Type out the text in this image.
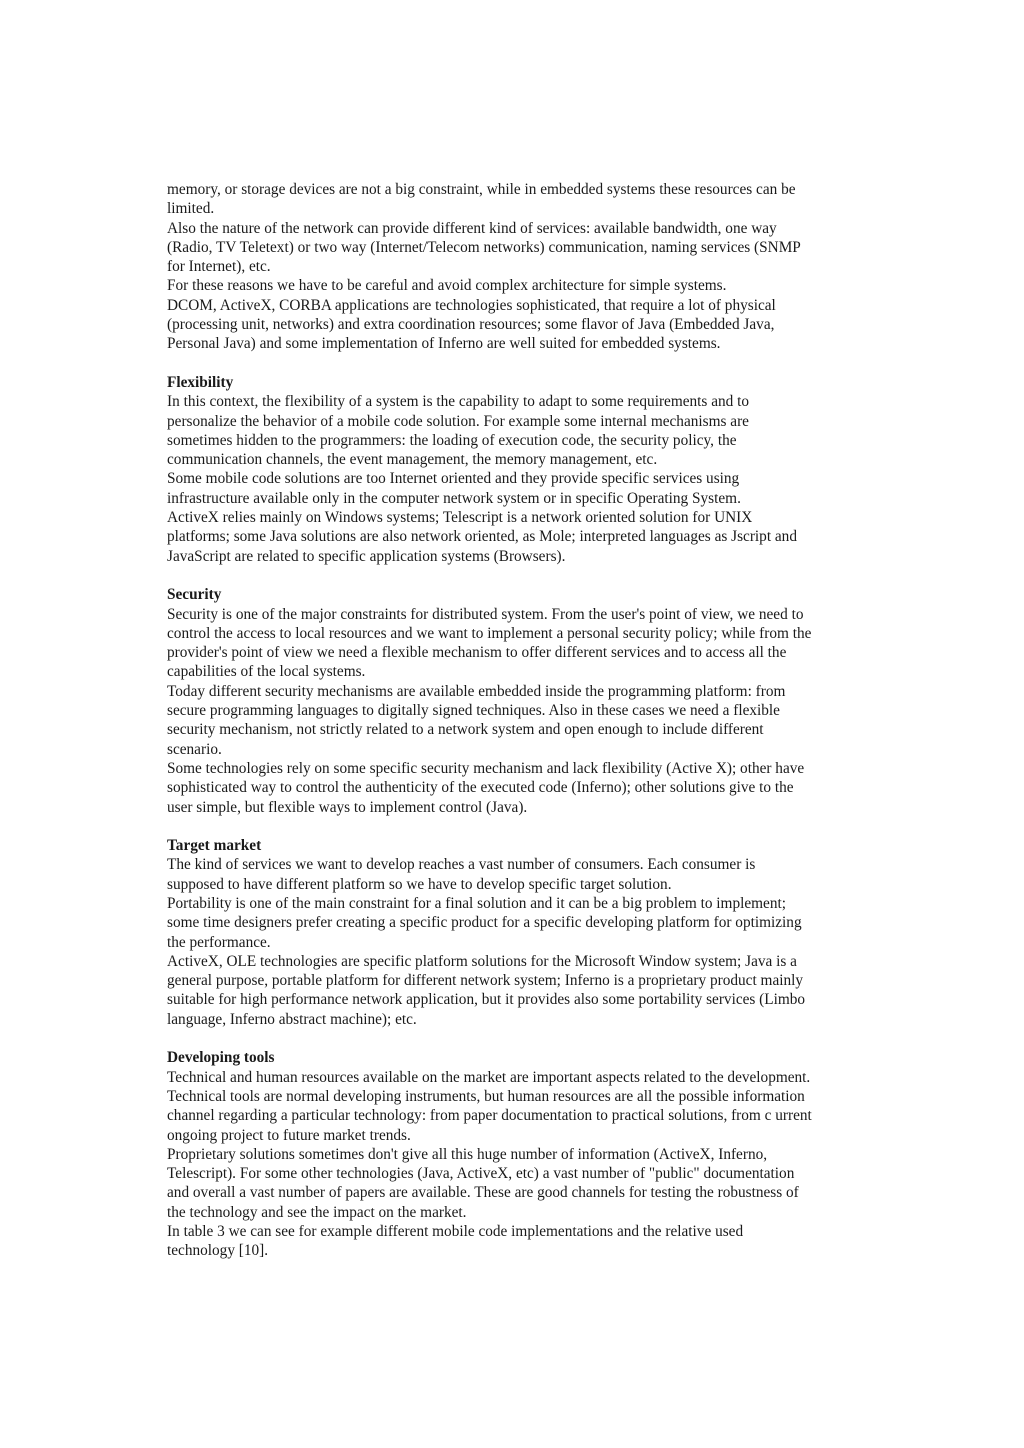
memory, or storage devices are not a big constraint, while in embedded systems these resources can be
limited.
Also the nature of the network can provide different kind of services: available bandwidth, one way
(Radio, TV Teletext) or two way (Internet/Telecom networks) communication, naming services (SNMP
for Internet), etc.
For these reasons we have to be careful and avoid complex architecture for simple systems.
DCOM, ActiveX, CORBA applications are technologies sophisticated, that require a lot of physical
(processing unit, networks) and extra coordination resources; some flavor of Java (Embedded Java,
Personal Java) and some implementation of Inferno are well suited for embedded systems.
Flexibility
In this context, the flexibility of a system is the capability to adapt to some requirements and to
personalize the behavior of a mobile code solution. For example some internal mechanisms are
sometimes hidden to the programmers: the loading of execution code, the security policy, the
communication channels, the event management, the memory management, etc.
Some mobile code solutions are too Internet oriented and they provide specific services using
infrastructure available only in the computer network system or in specific Operating System.
ActiveX relies mainly on Windows systems; Telescript is a network oriented solution for UNIX
platforms; some Java solutions are also network oriented, as Mole; interpreted languages as Jscript and
JavaScript are related to specific application systems (Browsers).
Security
Security is one of the major constraints for distributed system. From the user's point of view, we need to
control the access to local resources and we want to implement a personal security policy; while from the
provider's point of view we need a flexible mechanism to offer different services and to access all the
capabilities of the local systems.
Today different security mechanisms are available embedded inside the programming platform: from
secure programming languages to digitally signed techniques. Also in these cases we need a flexible
security mechanism, not strictly related to a network system and open enough to include different
scenario.
Some technologies rely on some specific security mechanism and lack flexibility (Active X); other have
sophisticated way to control the authenticity of the executed code (Inferno); other solutions give to the
user simple, but flexible ways to implement control (Java).
Target market
The kind of services we want to develop reaches a vast number of consumers. Each consumer is
supposed to have different platform so we have to develop specific target solution.
Portability is one of the main constraint for a final solution and it can be a big problem to implement;
some time designers prefer creating a specific product for a specific developing platform for optimizing
the performance.
ActiveX, OLE technologies are specific platform solutions for the Microsoft Window system; Java is a
general purpose, portable platform for different network system; Inferno is a proprietary product mainly
suitable for high performance network application, but it provides also some portability services (Limbo
language, Inferno abstract machine); etc.
Developing tools
Technical and human resources available on the market are important aspects related to the development.
Technical tools are normal developing instruments, but human resources are all the possible information
channel regarding a particular technology: from paper documentation to practical solutions, from c urrent
ongoing project to future market trends.
Proprietary solutions sometimes don't give all this huge number of information (ActiveX, Inferno,
Telescript). For some other technologies (Java, ActiveX, etc) a vast number of "public" documentation
and overall a vast number of papers are available. These are good channels for testing the robustness of
the technology and see the impact on the market.
In table 3 we can see for example different mobile code implementations and the relative used
technology [10].
